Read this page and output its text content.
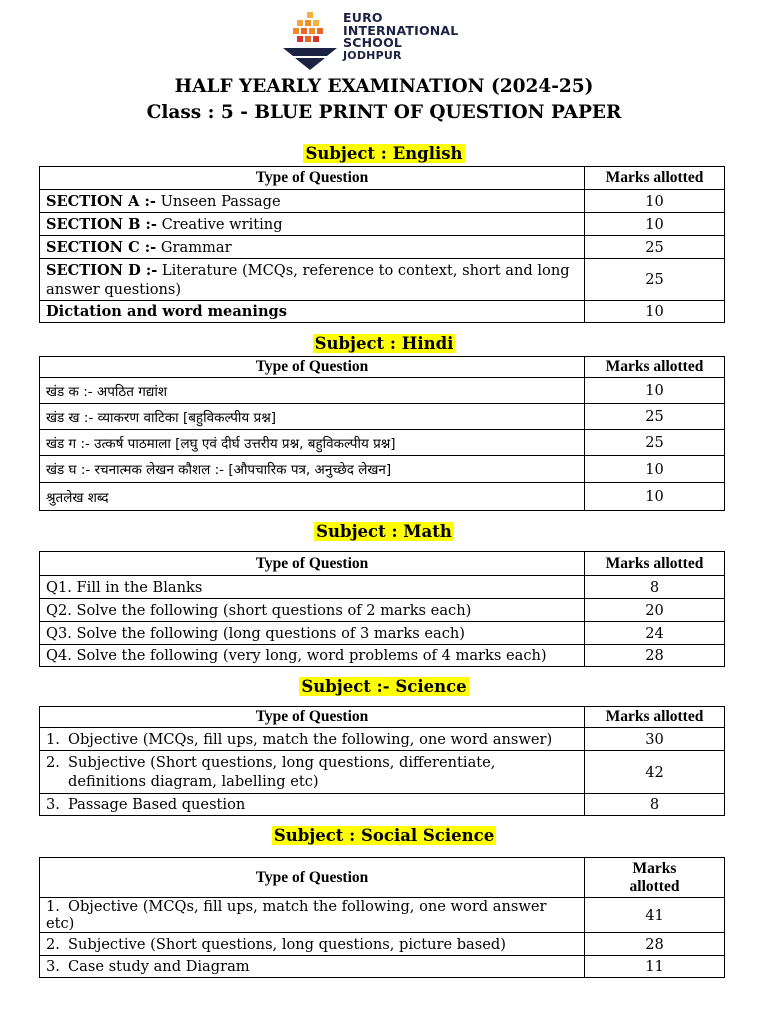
EURO
INTERNATIONAL
SCHOOL
JODHPUR
HALF YEARLY EXAMINATION (2024-25)
Class : 5 - BLUE PRINT OF QUESTION PAPER
Subject : English
Type of Question	Marks allotted
SECTION A :- Unseen Passage	10
SECTION B :- Creative writing	10
SECTION C :- Grammar	25
SECTION D :- Literature (MCQs, reference to context, short and long answer questions)	25
Dictation and word meanings	10
Subject : Hindi
Type of Question	Marks allotted
खंड क :- अपठित गद्यांश	10
खंड ख :- व्याकरण वाटिका [बहुविकल्पीय प्रश्न]	25
खंड ग :- उत्कर्ष पाठमाला [लघु एवं दीर्घ उत्तरीय प्रश्न, बहुविकल्पीय प्रश्न]	25
खंड घ :- रचनात्मक लेखन कौशल :- [औपचारिक पत्र, अनुच्छेद लेखन]	10
श्रुतलेख शब्द	10
Subject : Math
Type of Question	Marks allotted
Q1. Fill in the Blanks	8
Q2. Solve the following (short questions of 2 marks each)	20
Q3. Solve the following (long questions of 3 marks each)	24
Q4. Solve the following (very long, word problems of 4 marks each)	28
Subject :- Science
Type of Question	Marks allotted
1. Objective (MCQs, fill ups, match the following, one word answer)	30

2. Subjective (Short questions, long questions, differentiate, definitions diagram, labelling etc)	42
3. Passage Based question	8
Subject : Social Science
Type of Question	Marks
allotted

1. Objective (MCQs, fill ups, match the following, one word answer etc)	41
2. Subjective (Short questions, long questions, picture based)	28
3. Case study and Diagram	11
